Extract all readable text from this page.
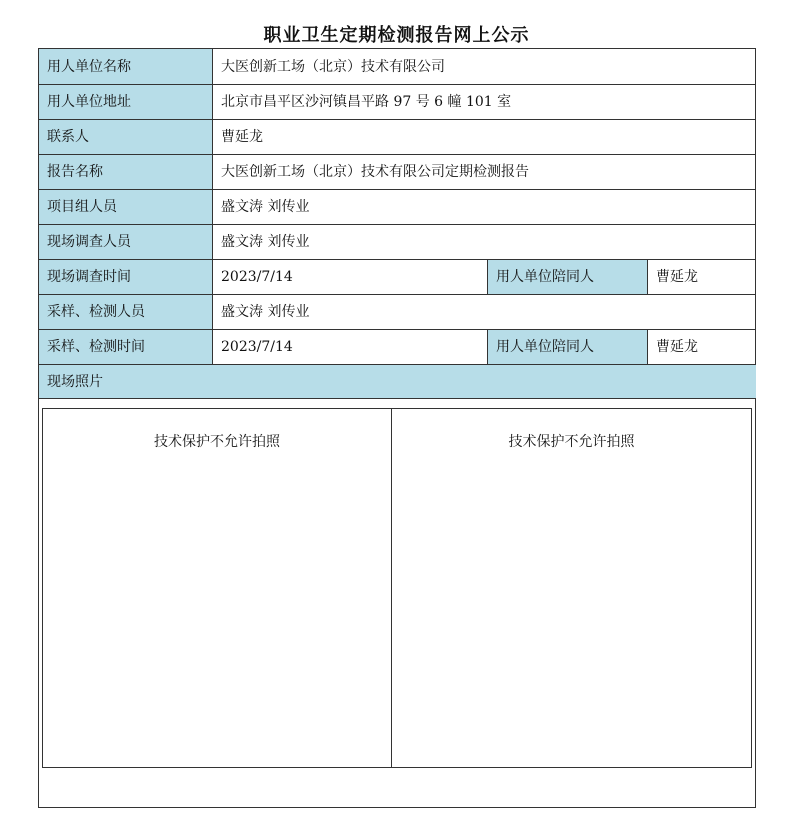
职业卫生定期检测报告网上公示
用人单位名称	大医创新工场（北京）技术有限公司
用人单位地址	北京市昌平区沙河镇昌平路 97 号 6 幢 101 室
联系人	曹延龙
报告名称	大医创新工场（北京）技术有限公司定期检测报告
项目组人员	盛文涛 刘传业
现场调查人员	盛文涛 刘传业
现场调查时间	2023/7/14	用人单位陪同人	曹延龙
采样、检测人员	盛文涛 刘传业
采样、检测时间	2023/7/14	用人单位陪同人	曹延龙
现场照片
技术保护不允许拍照	技术保护不允许拍照
